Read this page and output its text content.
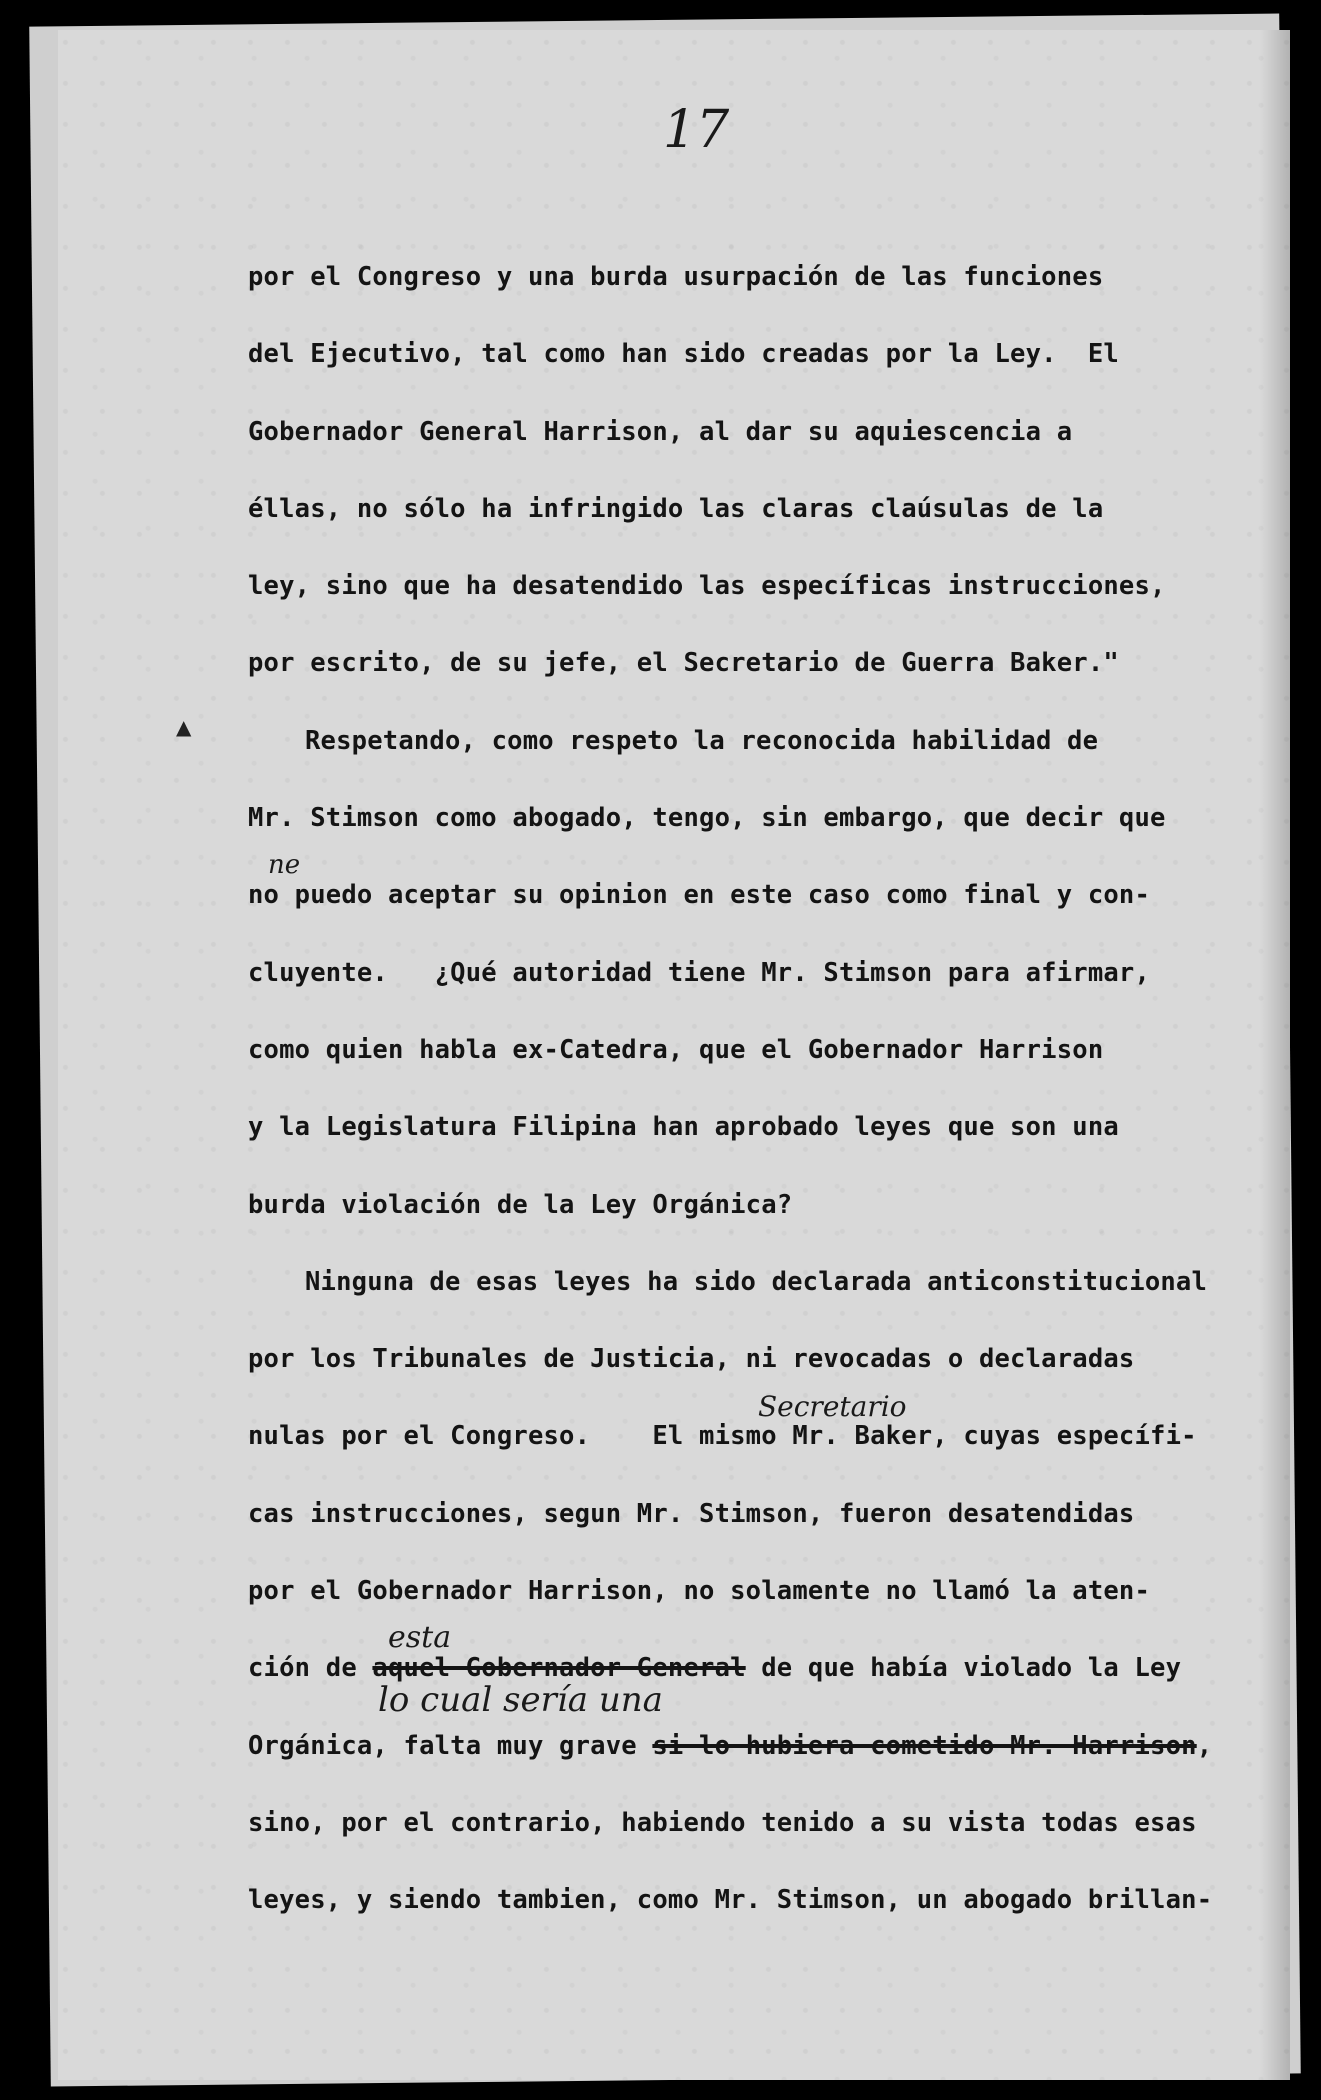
17

por el Congreso y una burda usurpación de las funciones
del Ejecutivo, tal como han sido creadas por la Ley.  El
Gobernador General Harrison, al dar su aquiescencia a
éllas, no sólo ha infringido las claras claúsulas de la
ley, sino que ha desatendido las específicas instrucciones,
por escrito, de su jefe, el Secretario de Guerra Baker."
Respetando, como respeto la reconocida habilidad de
Mr. Stimson como abogado, tengo, sin embargo, que decir que
no puedo aceptar su opinion en este caso como final y con-
cluyente.   ¿Qué autoridad tiene Mr. Stimson para afirmar,
como quien habla ex-Catedra, que el Gobernador Harrison
y la Legislatura Filipina han aprobado leyes que son una
burda violación de la Ley Orgánica?
Ninguna de esas leyes ha sido declarada anticonstitucional
por los Tribunales de Justicia, ni revocadas o declaradas
nulas por el Congreso.    El mismo Mr. Baker, cuyas específi-
cas instrucciones, segun Mr. Stimson, fueron desatendidas
por el Gobernador Harrison, no solamente no llamó la aten-
ción de aquel Gobernador General de que había violado la Ley
Orgánica, falta muy grave si lo hubiera cometido Mr. Harrison,
sino, por el contrario, habiendo tenido a su vista todas esas
leyes, y siendo tambien, como Mr. Stimson, un abogado brillan-
ne
Secretario
esta
lo cual sería una
▲
